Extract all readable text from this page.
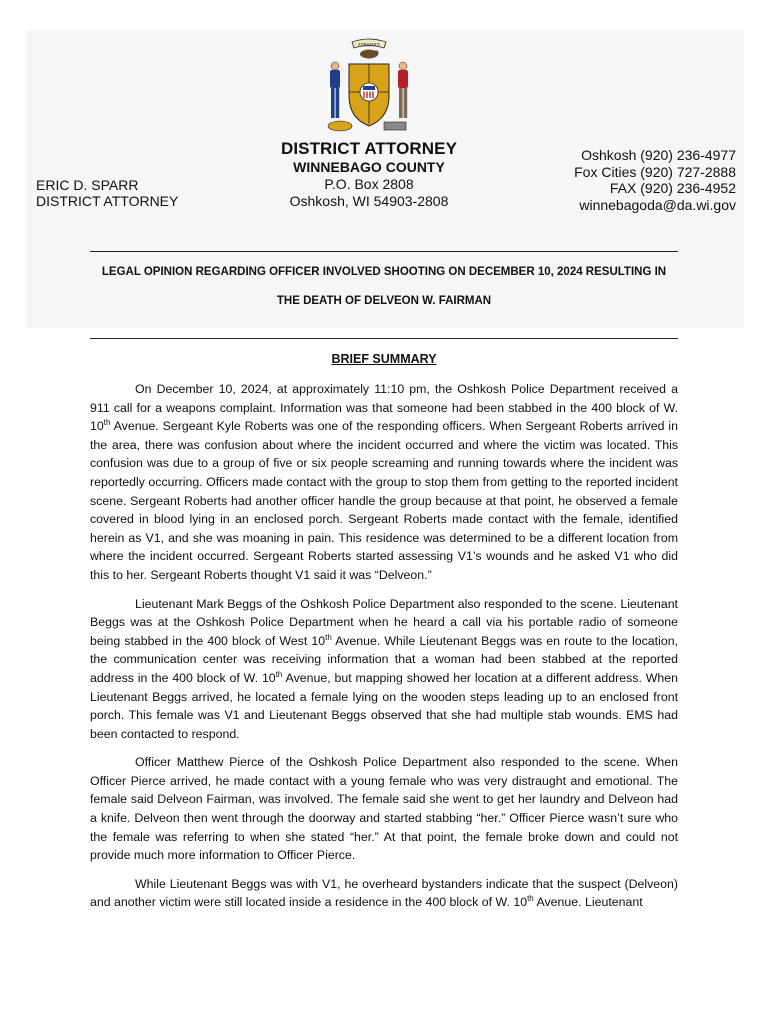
FORWARD
DISTRICT ATTORNEY
WINNEBAGO COUNTY
P.O. Box 2808
Oshkosh, WI 54903-2808
ERIC D. SPARR
DISTRICT ATTORNEY
Oshkosh (920) 236-4977
Fox Cities (920) 727-2888
FAX (920) 236-4952
winnebagoda@da.wi.gov
LEGAL OPINION REGARDING OFFICER INVOLVED SHOOTING ON DECEMBER 10, 2024 RESULTING IN
THE DEATH OF DELVEON W. FAIRMAN
BRIEF SUMMARY

On December 10, 2024, at approximately 11:10 pm, the Oshkosh Police Department received a 911 call for a weapons complaint. Information was that someone had been stabbed in the 400 block of W. 10th Avenue. Sergeant Kyle Roberts was one of the responding officers. When Sergeant Roberts arrived in the area, there was confusion about where the incident occurred and where the victim was located. This confusion was due to a group of five or six people screaming and running towards where the incident was reportedly occurring. Officers made contact with the group to stop them from getting to the reported incident scene. Sergeant Roberts had another officer handle the group because at that point, he observed a female covered in blood lying in an enclosed porch. Sergeant Roberts made contact with the female, identified herein as V1, and she was moaning in pain. This residence was determined to be a different location from where the incident occurred. Sergeant Roberts started assessing V1’s wounds and he asked V1 who did this to her. Sergeant Roberts thought V1 said it was “Delveon.”

Lieutenant Mark Beggs of the Oshkosh Police Department also responded to the scene. Lieutenant Beggs was at the Oshkosh Police Department when he heard a call via his portable radio of someone being stabbed in the 400 block of West 10th Avenue. While Lieutenant Beggs was en route to the location, the communication center was receiving information that a woman had been stabbed at the reported address in the 400 block of W. 10th Avenue, but mapping showed her location at a different address. When Lieutenant Beggs arrived, he located a female lying on the wooden steps leading up to an enclosed front porch. This female was V1 and Lieutenant Beggs observed that she had multiple stab wounds. EMS had been contacted to respond.

Officer Matthew Pierce of the Oshkosh Police Department also responded to the scene. When Officer Pierce arrived, he made contact with a young female who was very distraught and emotional. The female said Delveon Fairman, was involved. The female said she went to get her laundry and Delveon had a knife. Delveon then went through the doorway and started stabbing “her.” Officer Pierce wasn’t sure who the female was referring to when she stated “her.” At that point, the female broke down and could not provide much more information to Officer Pierce.

While Lieutenant Beggs was with V1, he overheard bystanders indicate that the suspect (Delveon) and another victim were still located inside a residence in the 400 block of W. 10th Avenue. Lieutenant
